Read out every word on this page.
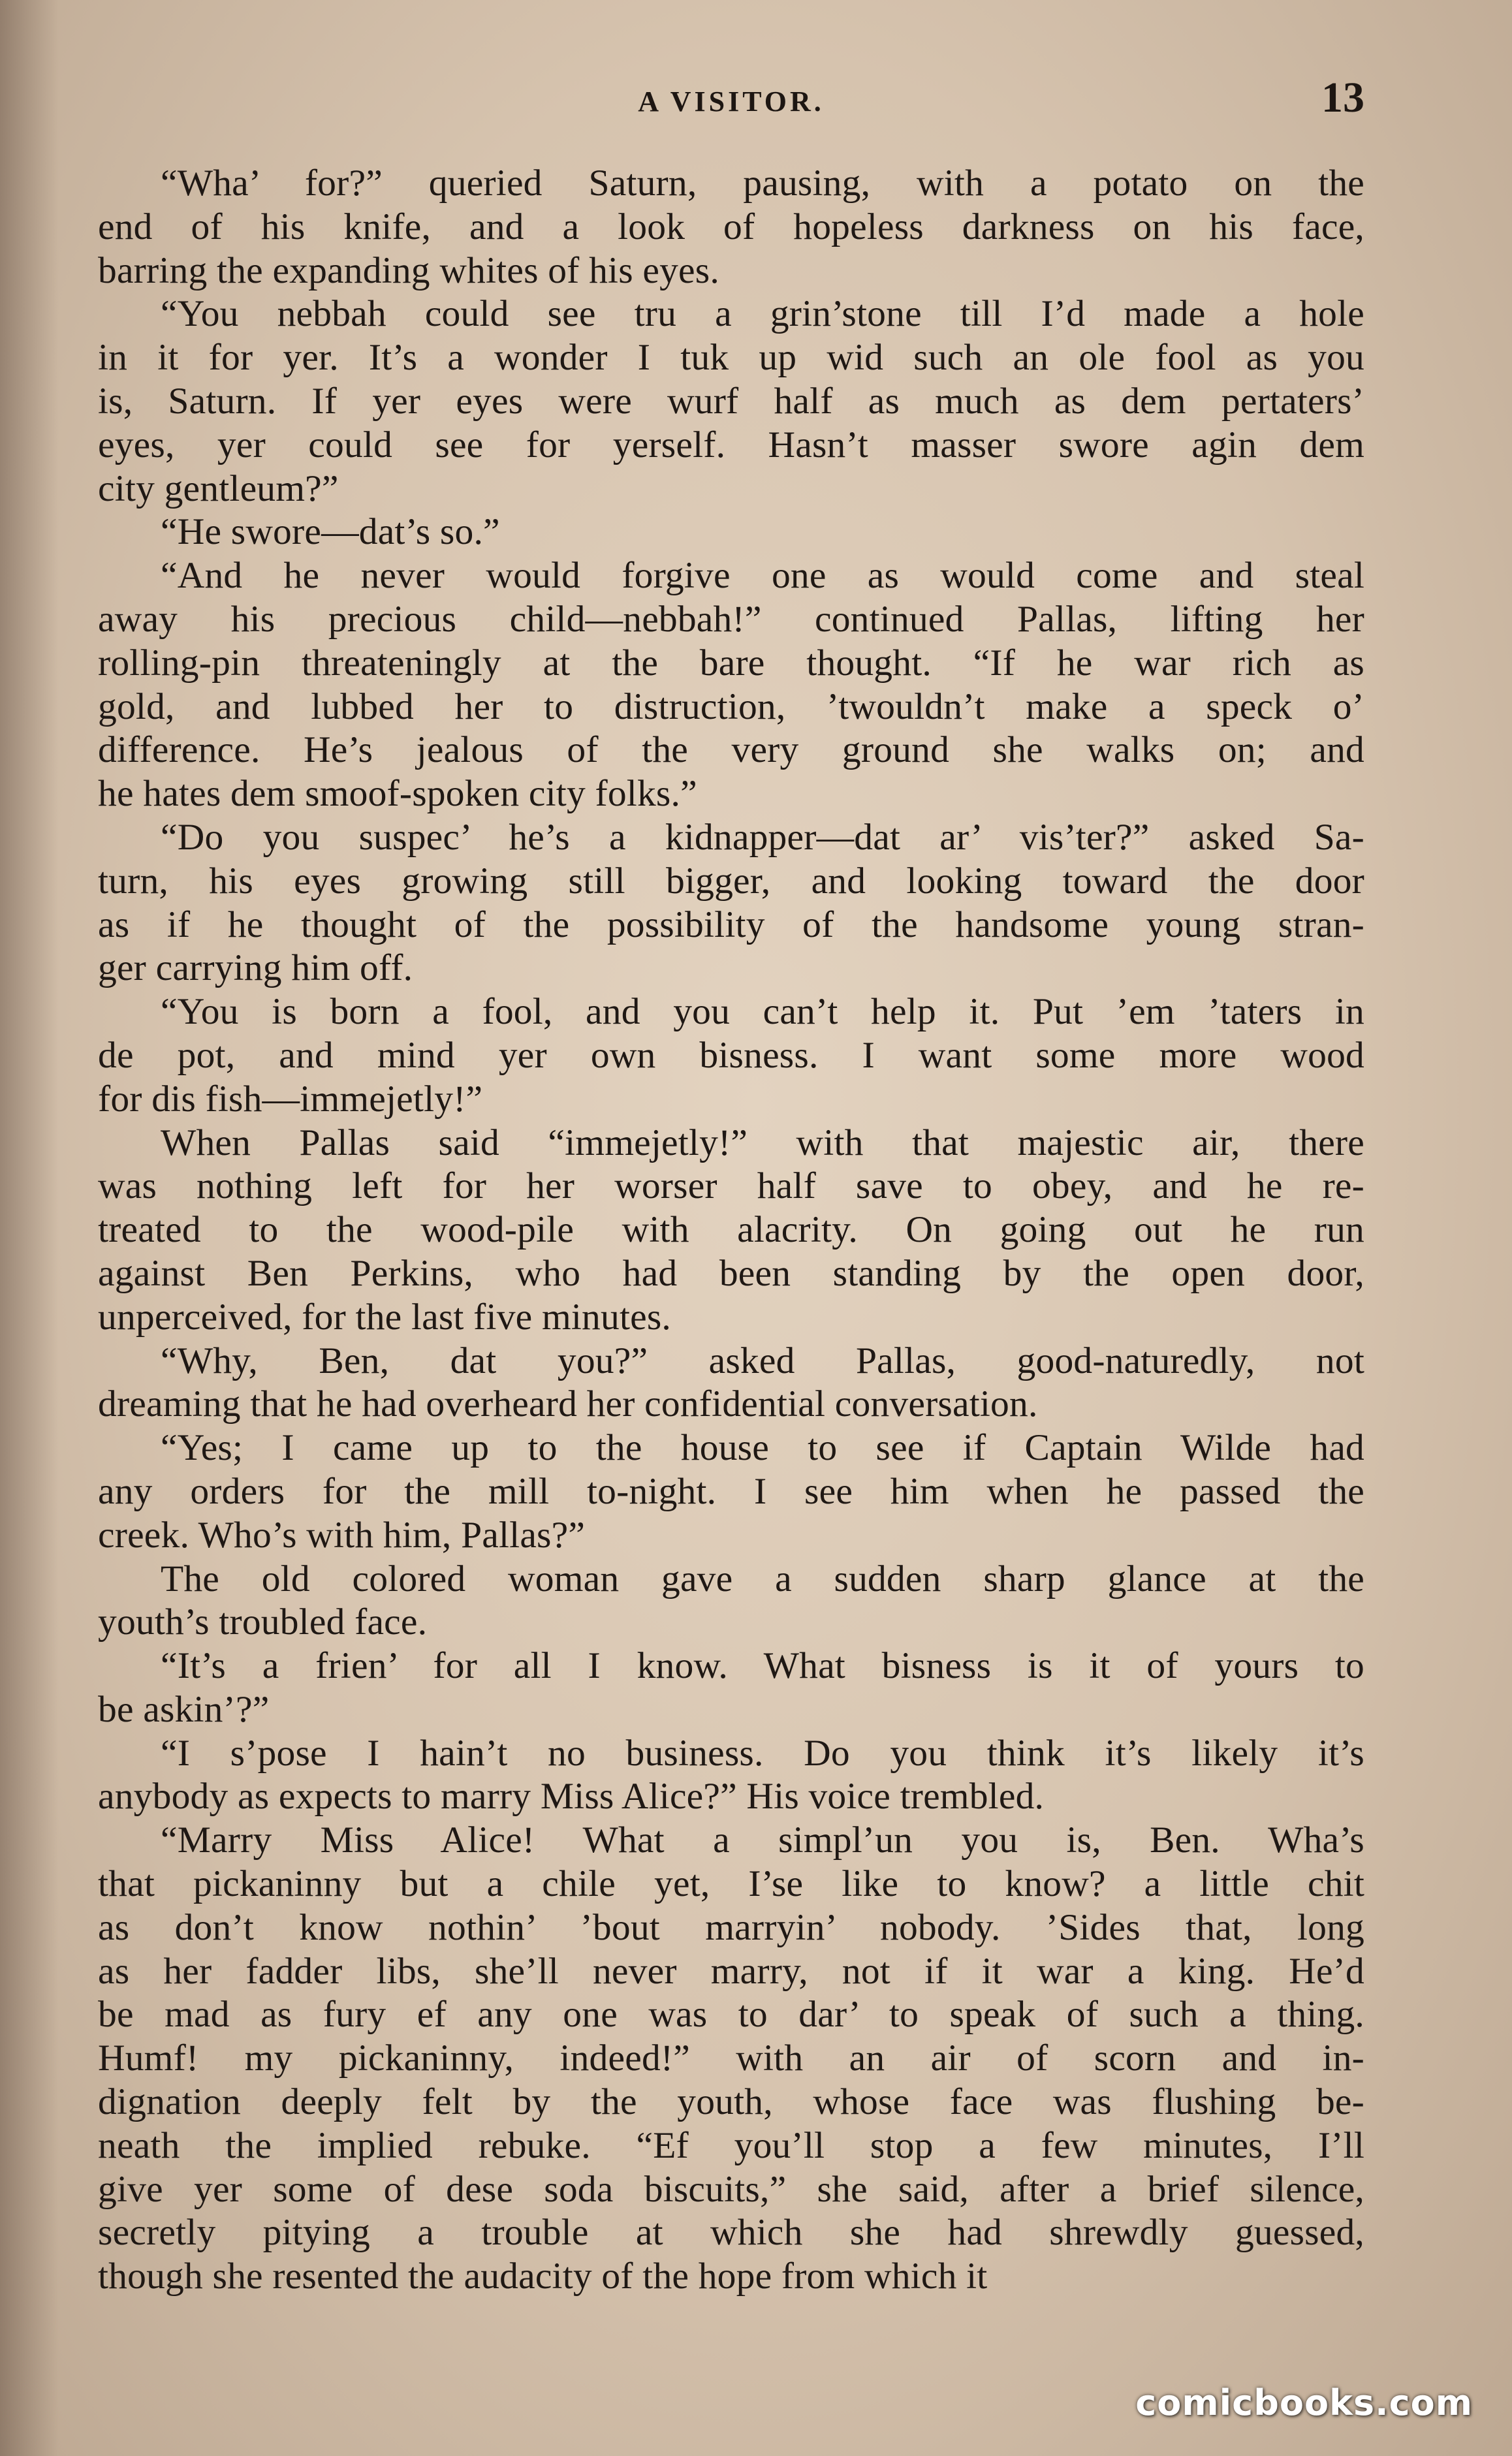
A VISITOR.	13
“Wha’ for?” queried Saturn, pausing, with a potato on the
end of his knife, and a look of hopeless darkness on his face,
barring the expanding whites of his eyes.
“You nebbah could see tru a grin’stone till I’d made a hole
in it for yer. It’s a wonder I tuk up wid such an ole fool as you
is, Saturn. If yer eyes were wurf half as much as dem pertaters’
eyes, yer could see for yerself. Hasn’t masser swore agin dem
city gentleum?”
“He swore—dat’s so.”
“And he never would forgive one as would come and steal
away his precious child—nebbah!” continued Pallas, lifting her
rolling-pin threateningly at the bare thought. “If he war rich as
gold, and lubbed her to distruction, ’twouldn’t make a speck o’
difference. He’s jealous of the very ground she walks on; and
he hates dem smoof-spoken city folks.”
“Do you suspec’ he’s a kidnapper—dat ar’ vis’ter?” asked Sa-
turn, his eyes growing still bigger, and looking toward the door
as if he thought of the possibility of the handsome young stran-
ger carrying him off.
“You is born a fool, and you can’t help it. Put ’em ’taters in
de pot, and mind yer own bisness. I want some more wood
for dis fish—immejetly!”
When Pallas said “immejetly!” with that majestic air, there
was nothing left for her worser half save to obey, and he re-
treated to the wood-pile with alacrity. On going out he run
against Ben Perkins, who had been standing by the open door,
unperceived, for the last five minutes.
“Why, Ben, dat you?” asked Pallas, good-naturedly, not
dreaming that he had overheard her confidential conversation.
“Yes; I came up to the house to see if Captain Wilde had
any orders for the mill to-night. I see him when he passed the
creek. Who’s with him, Pallas?”
The old colored woman gave a sudden sharp glance at the
youth’s troubled face.
“It’s a frien’ for all I know. What bisness is it of yours to
be askin’?”
“I s’pose I hain’t no business. Do you think it’s likely it’s
anybody as expects to marry Miss Alice?” His voice trembled.
“Marry Miss Alice! What a simpl’un you is, Ben. Wha’s
that pickaninny but a chile yet, I’se like to know? a little chit
as don’t know nothin’ ’bout marryin’ nobody. ’Sides that, long
as her fadder libs, she’ll never marry, not if it war a king. He’d
be mad as fury ef any one was to dar’ to speak of such a thing.
Humf! my pickaninny, indeed!” with an air of scorn and in-
dignation deeply felt by the youth, whose face was flushing be-
neath the implied rebuke. “Ef you’ll stop a few minutes, I’ll
give yer some of dese soda biscuits,” she said, after a brief silence,
secretly pitying a trouble at which she had shrewdly guessed,
though she resented the audacity of the hope from which it
comicbooks.com
